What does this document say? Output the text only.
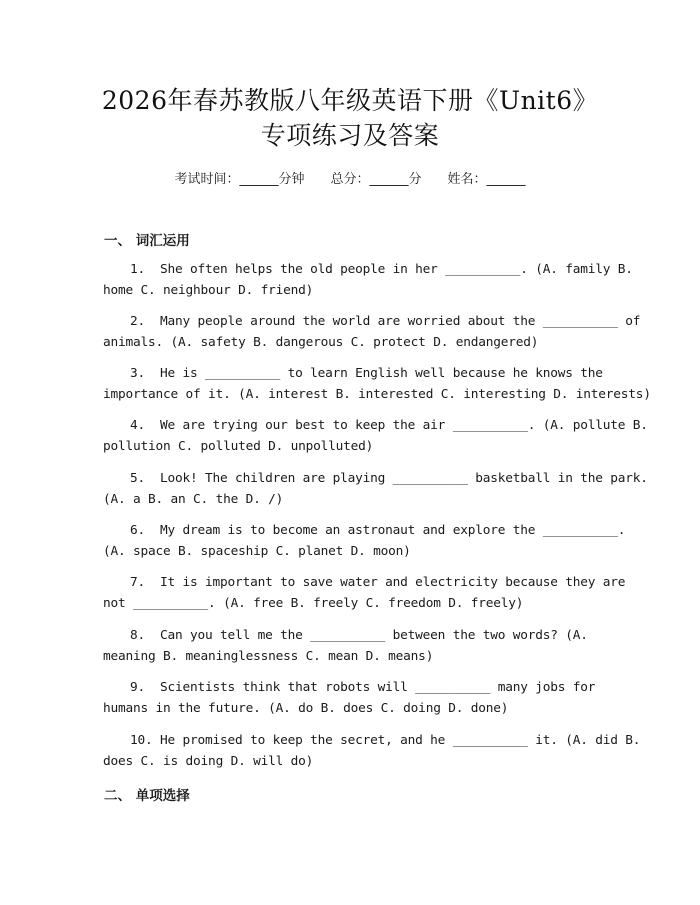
2026年春苏教版八年级英语下册《Unit6》
专项练习及答案
考试时间：______分钟 总分：______分 姓名：______
一、 词汇运用
1.  She often helps the old people in her __________. (A. family B.
home C. neighbour D. friend)
2.  Many people around the world are worried about the __________ of
animals. (A. safety B. dangerous C. protect D. endangered)
3.  He is __________ to learn English well because he knows the
importance of it. (A. interest B. interested C. interesting D. interests)
4.  We are trying our best to keep the air __________. (A. pollute B.
pollution C. polluted D. unpolluted)
5.  Look! The children are playing __________ basketball in the park.
(A. a B. an C. the D. /)
6.  My dream is to become an astronaut and explore the __________.
(A. space B. spaceship C. planet D. moon)
7.  It is important to save water and electricity because they are
not __________. (A. free B. freely C. freedom D. freely)
8.  Can you tell me the __________ between the two words? (A.
meaning B. meaninglessness C. mean D. means)
9.  Scientists think that robots will __________ many jobs for
humans in the future. (A. do B. does C. doing D. done)
10. He promised to keep the secret, and he __________ it. (A. did B.
does C. is doing D. will do)
二、 单项选择
